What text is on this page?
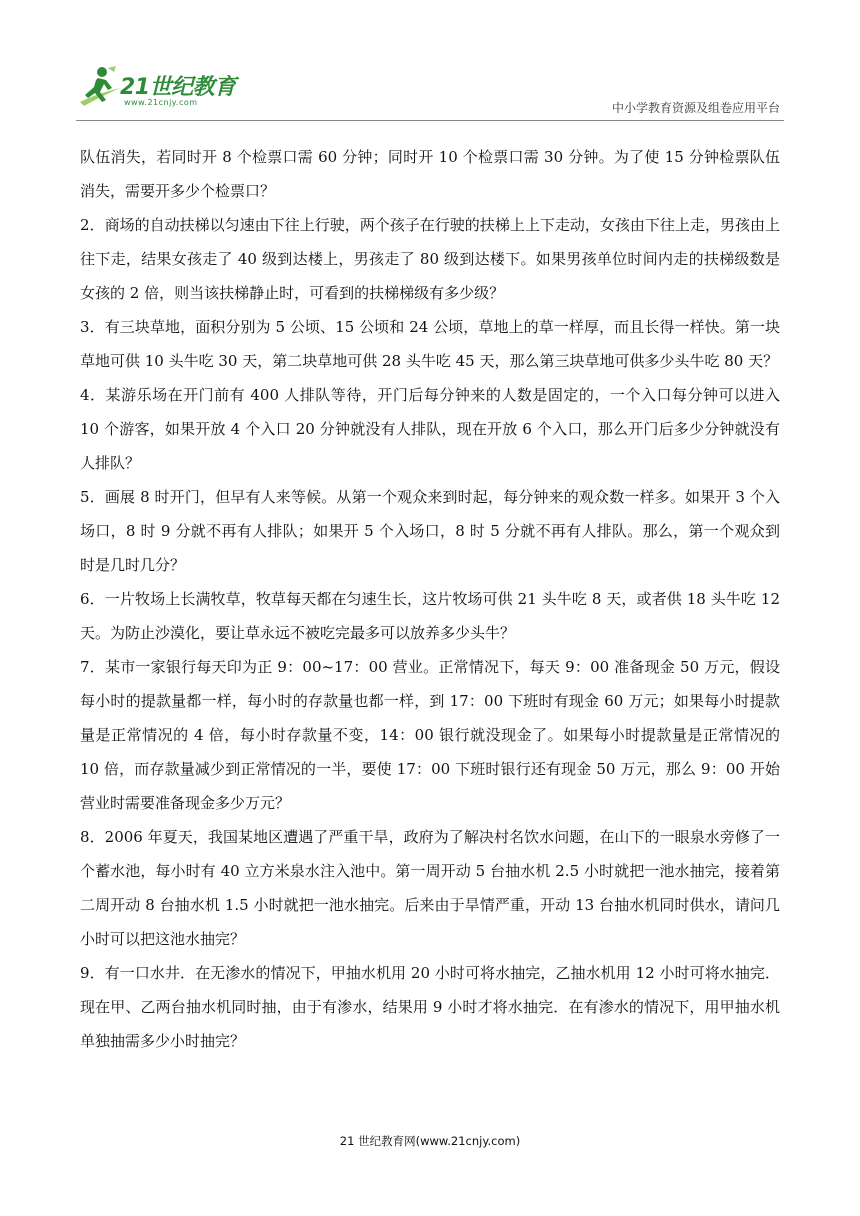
21世纪教育
www.21cnjy.com	中小学教育资源及组卷应用平台

队伍消失，若同时开 8 个检票口需 60 分钟；同时开 10 个检票口需 30 分钟。为了使 15 分钟检票队伍消失，需要开多少个检票口？

2．商场的自动扶梯以匀速由下往上行驶，两个孩子在行驶的扶梯上上下走动，女孩由下往上走，男孩由上往下走，结果女孩走了 40 级到达楼上，男孩走了 80 级到达楼下。如果男孩单位时间内走的扶梯级数是女孩的 2 倍，则当该扶梯静止时，可看到的扶梯梯级有多少级？

3．有三块草地，面积分别为 5 公顷、15 公顷和 24 公顷，草地上的草一样厚，而且长得一样快。第一块草地可供 10 头牛吃 30 天，第二块草地可供 28 头牛吃 45 天，那么第三块草地可供多少头牛吃 80 天？

4．某游乐场在开门前有 400 人排队等待，开门后每分钟来的人数是固定的，一个入口每分钟可以进入 10 个游客，如果开放 4 个入口 20 分钟就没有人排队，现在开放 6 个入口，那么开门后多少分钟就没有人排队？

5．画展 8 时开门，但早有人来等候。从第一个观众来到时起，每分钟来的观众数一样多。如果开 3 个入场口，8 时 9 分就不再有人排队；如果开 5 个入场口，8 时 5 分就不再有人排队。那么，第一个观众到时是几时几分？

6．一片牧场上长满牧草，牧草每天都在匀速生长，这片牧场可供 21 头牛吃 8 天，或者供 18 头牛吃 12 天。为防止沙漠化，要让草永远不被吃完最多可以放养多少头牛？

7．某市一家银行每天印为正 9：00~17：00 营业。正常情况下，每天 9：00 准备现金 50 万元，假设每小时的提款量都一样，每小时的存款量也都一样，到 17：00 下班时有现金 60 万元；如果每小时提款量是正常情况的 4 倍，每小时存款量不变，14：00 银行就没现金了。如果每小时提款量是正常情况的 10 倍，而存款量减少到正常情况的一半，要使 17：00 下班时银行还有现金 50 万元，那么 9：00 开始营业时需要准备现金多少万元？

8．2006 年夏天，我国某地区遭遇了严重干旱，政府为了解决村名饮水问题，在山下的一眼泉水旁修了一个蓄水池，每小时有 40 立方米泉水注入池中。第一周开动 5 台抽水机 2.5 小时就把一池水抽完，接着第二周开动 8 台抽水机 1.5 小时就把一池水抽完。后来由于旱情严重，开动 13 台抽水机同时供水，请问几小时可以把这池水抽完？

9．有一口水井．在无渗水的情况下，甲抽水机用 20 小时可将水抽完，乙抽水机用 12 小时可将水抽完．现在甲、乙两台抽水机同时抽，由于有渗水，结果用 9 小时才将水抽完．在有渗水的情况下，用甲抽水机单独抽需多少小时抽完？

21 世纪教育网(www.21cnjy.com)
